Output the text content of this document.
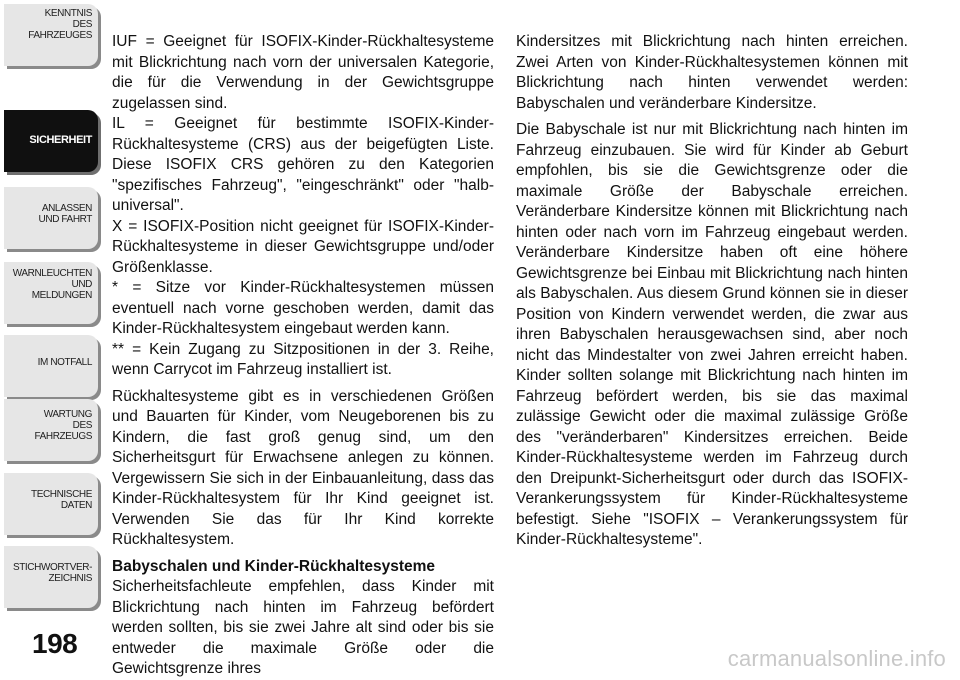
KENNTNIS
DES
FAHRZEUGES
SICHERHEIT
ANLASSEN
UND FAHRT
WARNLEUCHTEN
UND
MELDUNGEN
IM NOTFALL
WARTUNG
DES
FAHRZEUGS
TECHNISCHE
DATEN
STICHWORTVER-
ZEICHNIS
198

IUF = Geeignet für ISOFIX-Kinder-Rückhaltesysteme mit Blickrichtung nach vorn der universalen Kategorie, die für die Verwendung in der Gewichtsgruppe zugelassen sind.

IL = Geeignet für bestimmte ISOFIX-Kinder-Rückhaltesysteme (CRS) aus der beigefügten Liste. Diese ISOFIX CRS gehören zu den Kategorien "spezifisches Fahrzeug", "eingeschränkt" oder "halb-universal".

X = ISOFIX-Position nicht geeignet für ISOFIX-Kinder-Rückhaltesysteme in dieser Gewichtsgruppe und/oder Größenklasse.

* = Sitze vor Kinder-Rückhaltesystemen müssen eventuell nach vorne geschoben werden, damit das Kinder-Rückhaltesystem eingebaut werden kann.

** = Kein Zugang zu Sitzpositionen in der 3. Reihe, wenn Carrycot im Fahrzeug installiert ist.

Rückhaltesysteme gibt es in verschiedenen Größen und Bauarten für Kinder, vom Neugeborenen bis zu Kindern, die fast groß genug sind, um den Sicherheitsgurt für Erwachsene anlegen zu können. Vergewissern Sie sich in der Einbauanleitung, dass das Kinder-Rückhaltesystem für Ihr Kind geeignet ist. Verwenden Sie das für Ihr Kind korrekte Rückhaltesystem.

Babyschalen und Kinder-Rückhaltesysteme

Sicherheitsfachleute empfehlen, dass Kinder mit Blickrichtung nach hinten im Fahrzeug befördert werden sollten, bis sie zwei Jahre alt sind oder bis sie entweder die maximale Größe oder die Gewichtsgrenze ihres

Kindersitzes mit Blickrichtung nach hinten erreichen. Zwei Arten von Kinder-Rückhaltesystemen können mit Blickrichtung nach hinten verwendet werden: Babyschalen und veränderbare Kindersitze.

Die Babyschale ist nur mit Blickrichtung nach hinten im Fahrzeug einzubauen. Sie wird für Kinder ab Geburt empfohlen, bis sie die Gewichtsgrenze oder die maximale Größe der Babyschale erreichen. Veränderbare Kindersitze können mit Blickrichtung nach hinten oder nach vorn im Fahrzeug eingebaut werden. Veränderbare Kindersitze haben oft eine höhere Gewichtsgrenze bei Einbau mit Blickrichtung nach hinten als Babyschalen. Aus diesem Grund können sie in dieser Position von Kindern verwendet werden, die zwar aus ihren Babyschalen herausgewachsen sind, aber noch nicht das Mindestalter von zwei Jahren erreicht haben. Kinder sollten solange mit Blickrichtung nach hinten im Fahrzeug befördert werden, bis sie das maximal zulässige Gewicht oder die maximal zulässige Größe des "veränderbaren" Kindersitzes erreichen. Beide Kinder-Rückhaltesysteme werden im Fahrzeug durch den Dreipunkt-Sicherheitsgurt oder durch das ISOFIX-Verankerungssystem für Kinder-Rückhaltesysteme befestigt. Siehe "ISOFIX – Verankerungssystem für Kinder-Rückhaltesysteme".

carmanualsonline.info
